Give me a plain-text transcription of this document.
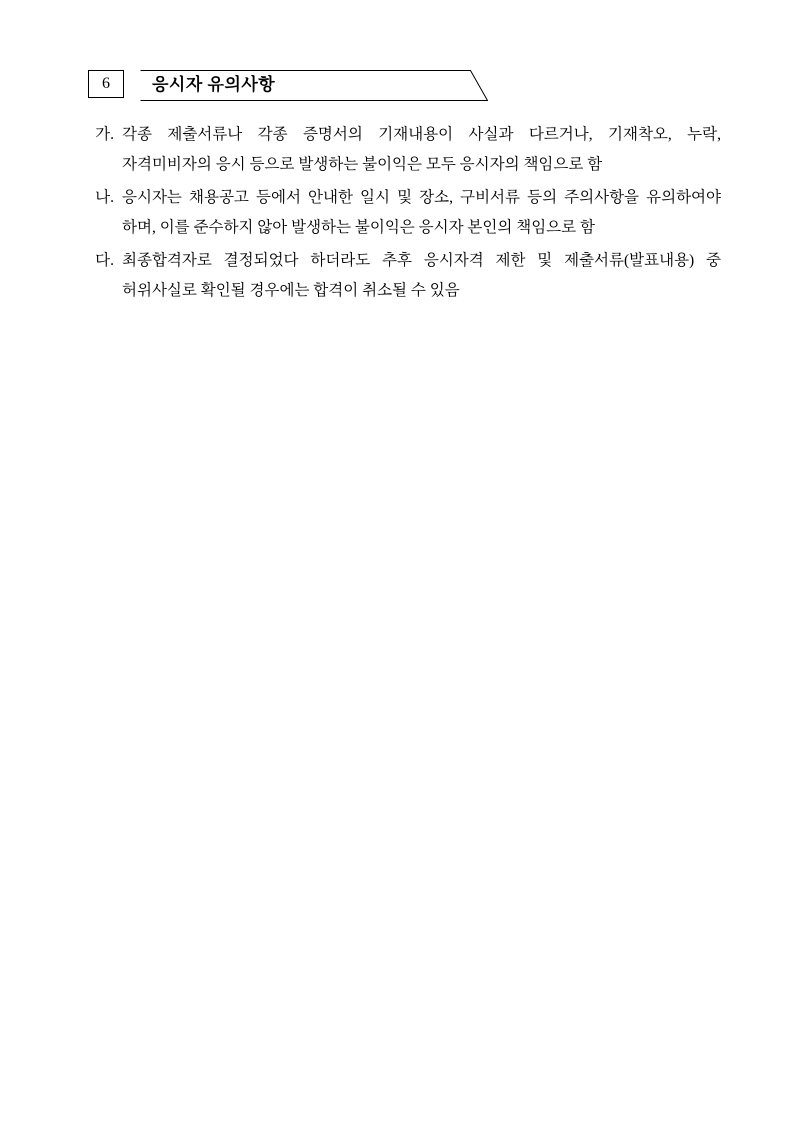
6 응시자 유의사항
가. 각종 제출서류나 각종 증명서의 기재내용이 사실과 다르거나, 기재착오, 누락, 자격미비자의 응시 등으로 발생하는 불이익은 모두 응시자의 책임으로 함
나. 응시자는 채용공고 등에서 안내한 일시 및 장소, 구비서류 등의 주의사항을 유의하여야 하며, 이를 준수하지 않아 발생하는 불이익은 응시자 본인의 책임으로 함
다. 최종합격자로 결정되었다 하더라도 추후 응시자격 제한 및 제출서류(발표내용) 중 허위사실로 확인될 경우에는 합격이 취소될 수 있음
